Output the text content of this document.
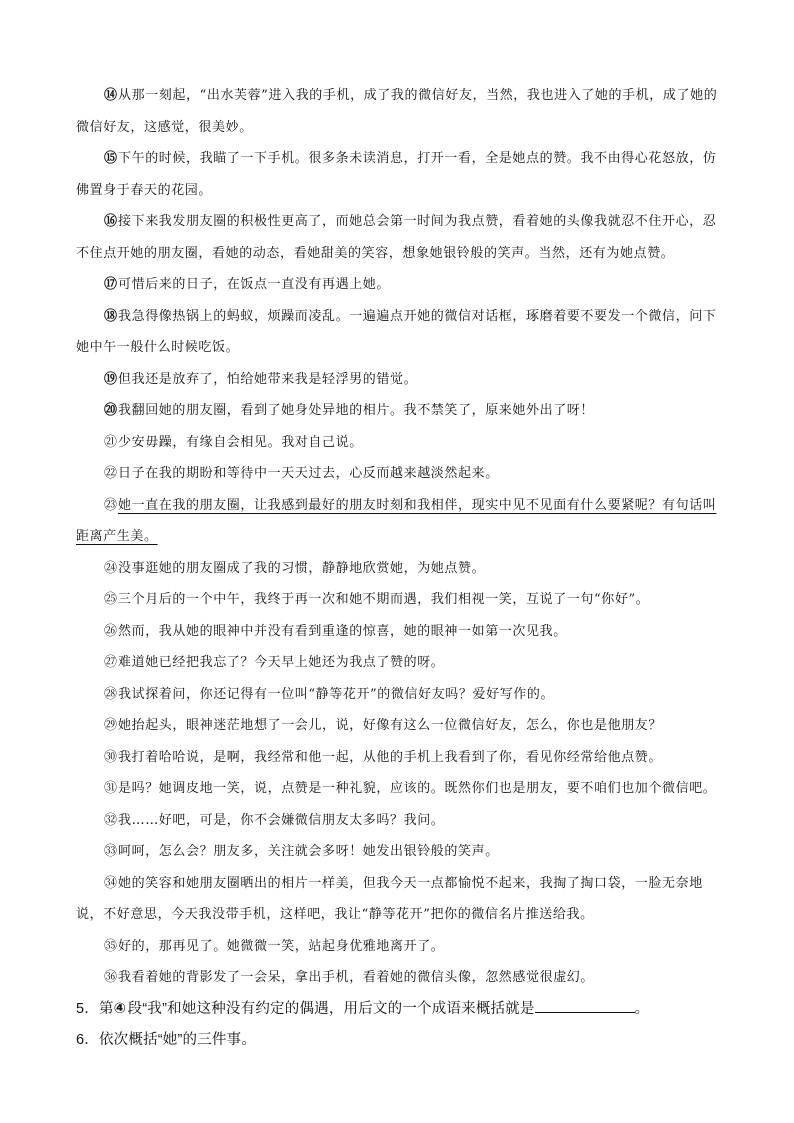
⑭从那一刻起，“出水芙蓉”进入我的手机，成了我的微信好友，当然，我也进入了她的手机，成了她的微信好友，这感觉，很美妙。
⑮下午的时候，我瞄了一下手机。很多条未读消息，打开一看，全是她点的赞。我不由得心花怒放，仿佛置身于春天的花园。
⑯接下来我发朋友圈的积极性更高了，而她总会第一时间为我点赞，看着她的头像我就忍不住开心，忍不住点开她的朋友圈，看她的动态，看她甜美的笑容，想象她银铃般的笑声。当然，还有为她点赞。
⑰可惜后来的日子，在饭点一直没有再遇上她。
⑱我急得像热锅上的蚂蚁，烦躁而凌乱。一遍遍点开她的微信对话框，琢磨着要不要发一个微信，问下她中午一般什么时候吃饭。
⑲但我还是放弃了，怕给她带来我是轻浮男的错觉。
⑳我翻回她的朋友圈，看到了她身处异地的相片。我不禁笑了，原来她外出了呀！
㉑少安毋躁，有缘自会相见。我对自己说。
㉒日子在我的期盼和等待中一天天过去，心反而越来越淡然起来。
㉓她一直在我的朋友圈，让我感到最好的朋友时刻和我相伴，现实中见不见面有什么要紧呢？有句话叫距离产生美。
㉔没事逛她的朋友圈成了我的习惯，静静地欣赏她，为她点赞。
㉕三个月后的一个中午，我终于再一次和她不期而遇，我们相视一笑，互说了一句“你好”。
㉖然而，我从她的眼神中并没有看到重逢的惊喜，她的眼神一如第一次见我。
㉗难道她已经把我忘了？今天早上她还为我点了赞的呀。
㉘我试探着问，你还记得有一位叫“静等花开”的微信好友吗？爱好写作的。
㉙她抬起头，眼神迷茫地想了一会儿，说，好像有这么一位微信好友，怎么，你也是他朋友？
㉚我打着哈哈说，是啊，我经常和他一起，从他的手机上我看到了你，看见你经常给他点赞。
㉛是吗？她调皮地一笑，说，点赞是一种礼貌，应该的。既然你们也是朋友，要不咱们也加个微信吧。
㉜我……好吧，可是，你不会嫌微信朋友太多吗？我问。
㉝呵呵，怎么会？朋友多，关注就会多呀！她发出银铃般的笑声。
㉞她的笑容和她朋友圈晒出的相片一样美，但我今天一点都愉悦不起来，我掏了掏口袋，一脸无奈地说，不好意思，今天我没带手机，这样吧，我让“静等花开”把你的微信名片推送给我。
㉟好的，那再见了。她微微一笑，站起身优雅地离开了。
㊱我看着她的背影发了一会呆，拿出手机，看着她的微信头像，忽然感觉很虚幻。
5．第④ 段“我”和她这种没有约定的偶遇，用后文的一个成语来概括就是	。
6．依次概括“她”的三件事。
